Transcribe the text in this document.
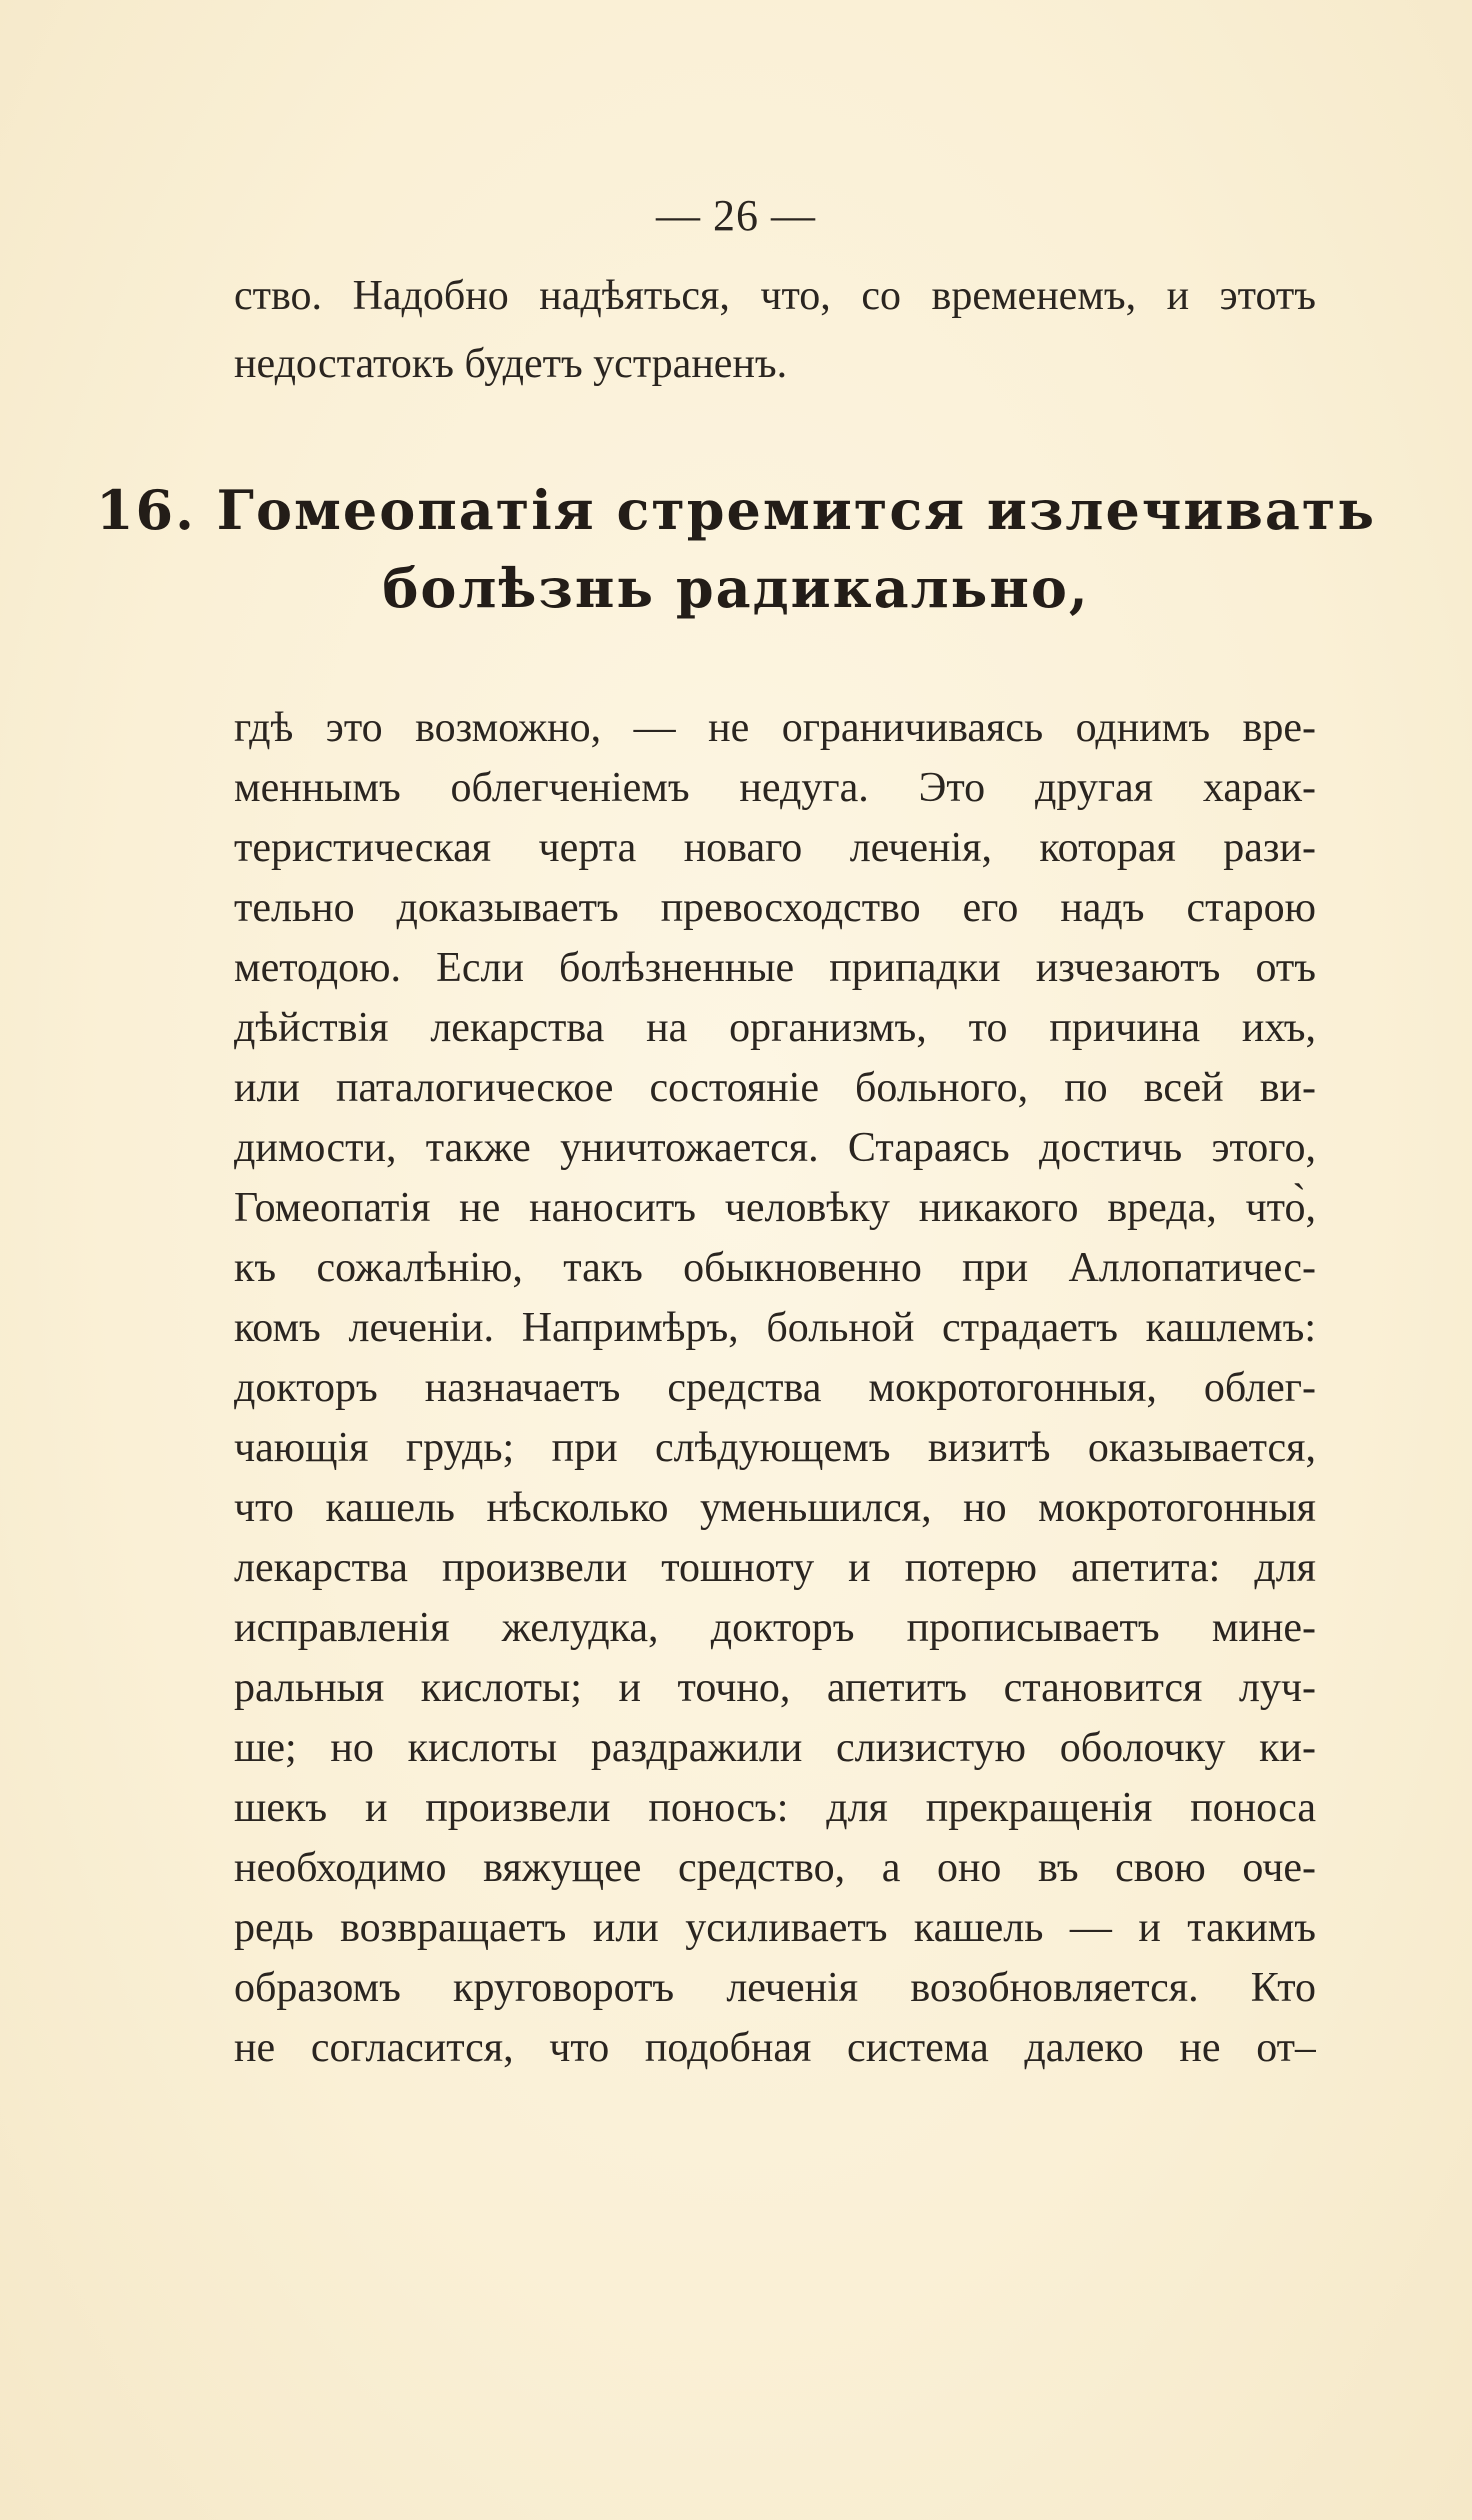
— 26 —
ство. Надобно надѣяться, что, со временемъ, и этотъ
недостатокъ будетъ устраненъ.
16. Гомеопатія стремится излечивать
болѣзнь радикально,
гдѣ это возможно, — не ограничиваясь однимъ вре-
меннымъ облегченіемъ недуга. Это другая харак-
теристическая черта новаго леченія, которая рази-
тельно доказываетъ превосходство его надъ старою
методою. Если болѣзненные припадки изчезаютъ отъ
дѣйствія лекарства на организмъ, то причина ихъ,
или паталогическое состояніе больного, по всей ви-
димости, также уничтожается. Стараясь достичь этого,
Гомеопатія не наноситъ человѣку никакого вреда, что̀,
къ сожалѣнію, такъ обыкновенно при Аллопатичес-
комъ леченіи. Напримѣръ, больной страдаетъ кашлемъ:
докторъ назначаетъ средства мокротогонныя, облег-
чающія грудь; при слѣдующемъ визитѣ оказывается,
что кашель нѣсколько уменьшился, но мокротогонныя
лекарства произвели тошноту и потерю апетита: для
исправленія желудка, докторъ прописываетъ мине-
ральныя кислоты; и точно, апетитъ становится луч-
ше; но кислоты раздражили слизистую оболочку ки-
шекъ и произвели поносъ: для прекращенія поноса
необходимо вяжущее средство, а оно въ свою оче-
редь возвращаетъ или усиливаетъ кашель — и такимъ
образомъ круговоротъ леченія возобновляется. Кто
не согласится, что подобная система далеко не от–
